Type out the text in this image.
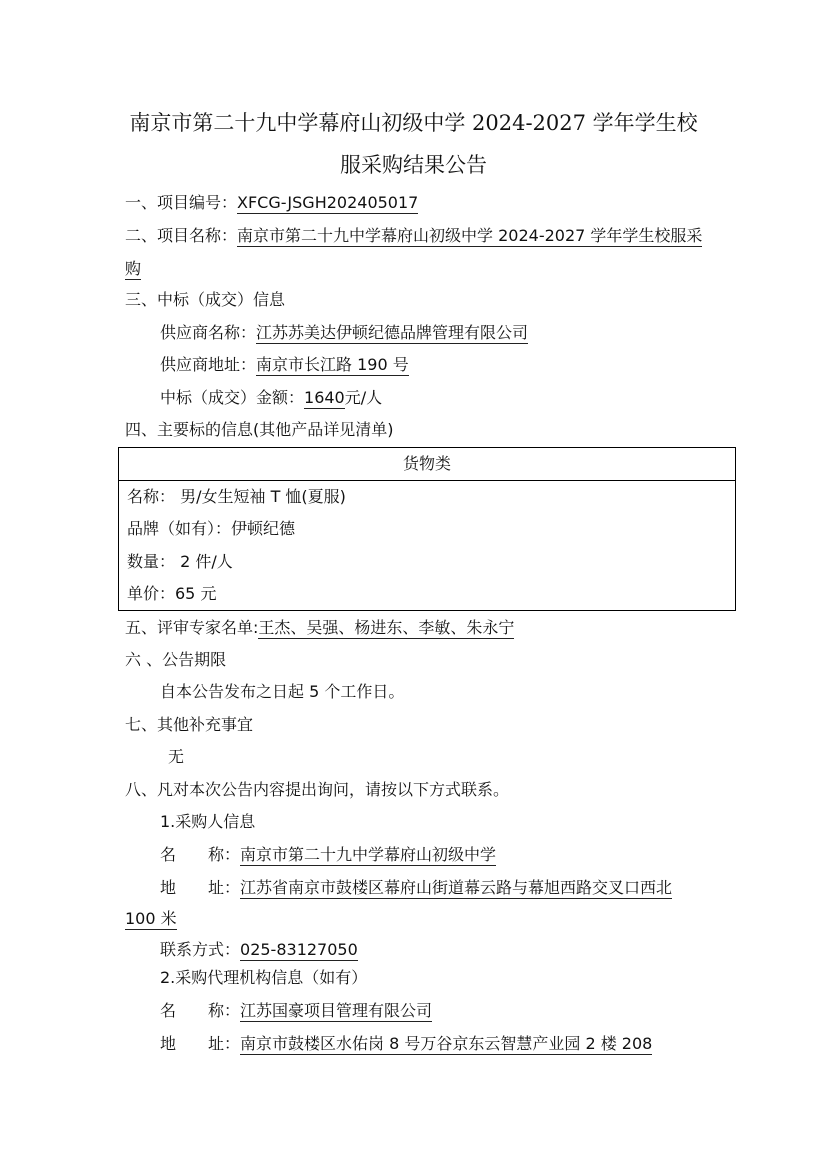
南京市第二十九中学幕府山初级中学 2024-2027 学年学生校
服采购结果公告
一、项目编号：XFCG-JSGH202405017
二、项目名称：南京市第二十九中学幕府山初级中学 2024-2027 学年学生校服采
购
三、中标（成交）信息
供应商名称：江苏苏美达伊顿纪德品牌管理有限公司
供应商地址：南京市长江路 190 号
中标（成交）金额：1640元/人
四、主要标的信息(其他产品详见清单)
货物类
名称： 男/女生短袖 T 恤(夏服)
品牌（如有）：伊顿纪德
数量： 2 件/人
单价：65 元
五、评审专家名单:王杰、吴强、杨进东、李敏、朱永宁
六 、公告期限
自本公告发布之日起 5 个工作日。
七、其他补充事宜
无
八、凡对本次公告内容提出询问，请按以下方式联系。
1.采购人信息
名　　称：南京市第二十九中学幕府山初级中学
地　　址：江苏省南京市鼓楼区幕府山街道幕云路与幕旭西路交叉口西北
100 米
联系方式：025-83127050
2.采购代理机构信息（如有）
名　　称：江苏国豪项目管理有限公司
地　　址：南京市鼓楼区水佑岗 8 号万谷京东云智慧产业园 2 楼 208
